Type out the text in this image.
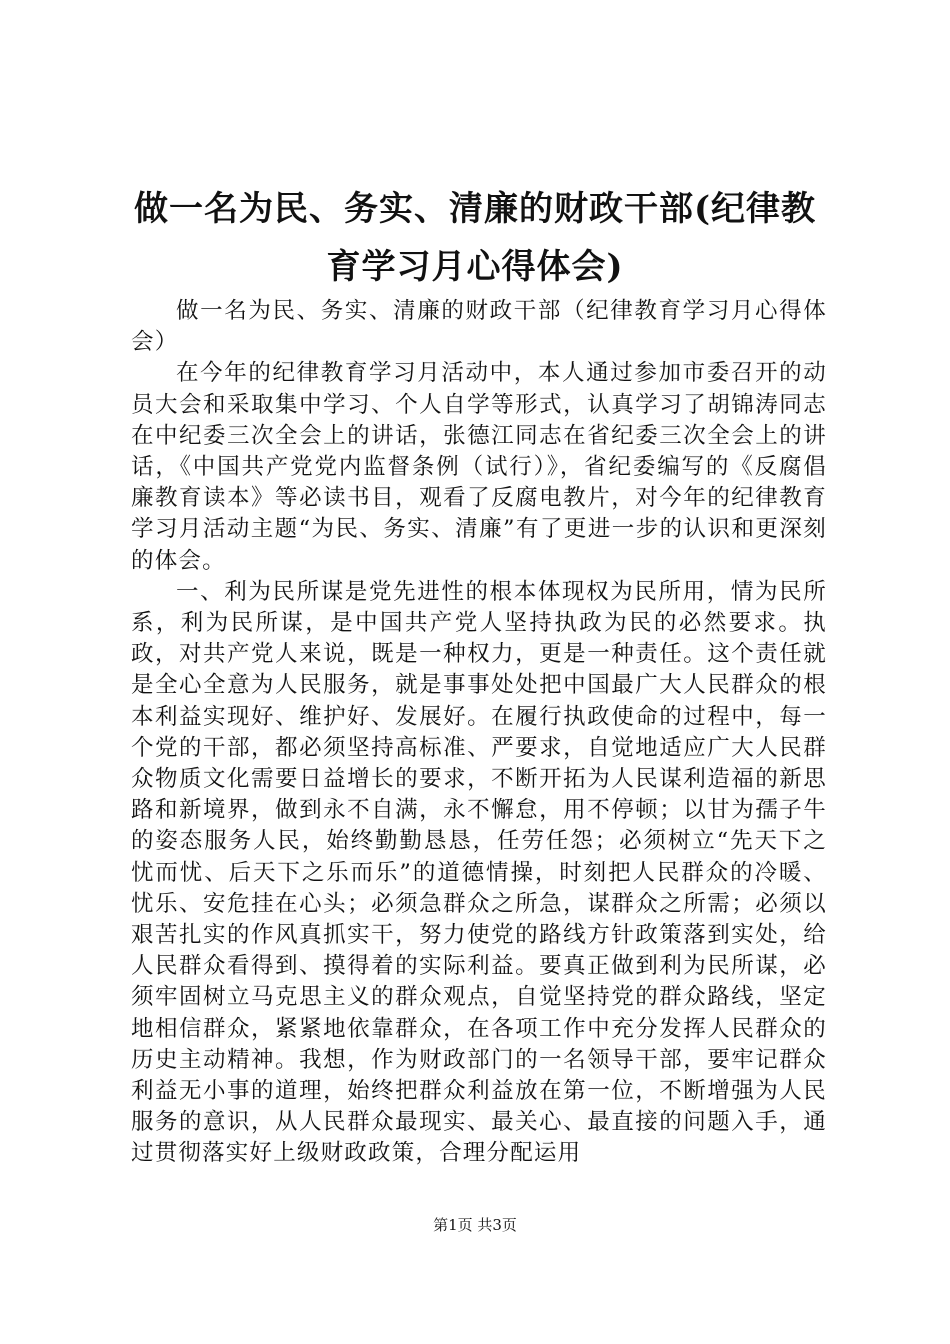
做一名为民、务实、清廉的财政干部(纪律教育学习月心得体会)

做一名为民、务实、清廉的财政干部（纪律教育学习月心得体会）

在今年的纪律教育学习月活动中，本人通过参加市委召开的动员大会和采取集中学习、个人自学等形式，认真学习了胡锦涛同志在中纪委三次全会上的讲话，张德江同志在省纪委三次全会上的讲话，《中国共产党党内监督条例（试行）》，省纪委编写的《反腐倡廉教育读本》等必读书目，观看了反腐电教片，对今年的纪律教育学习月活动主题“为民、务实、清廉”有了更进一步的认识和更深刻的体会。

一、利为民所谋是党先进性的根本体现权为民所用，情为民所系，利为民所谋，是中国共产党人坚持执政为民的必然要求。执政，对共产党人来说，既是一种权力，更是一种责任。这个责任就是全心全意为人民服务，就是事事处处把中国最广大人民群众的根本利益实现好、维护好、发展好。在履行执政使命的过程中，每一个党的干部，都必须坚持高标准、严要求，自觉地适应广大人民群众物质文化需要日益增长的要求，不断开拓为人民谋利造福的新思路和新境界，做到永不自满，永不懈怠，用不停顿；以甘为孺子牛的姿态服务人民，始终勤勤恳恳，任劳任怨；必须树立“先天下之忧而忧、后天下之乐而乐”的道德情操，时刻把人民群众的冷暖、忧乐、安危挂在心头；必须急群众之所急，谋群众之所需；必须以艰苦扎实的作风真抓实干，努力使党的路线方针政策落到实处，给人民群众看得到、摸得着的实际利益。要真正做到利为民所谋，必须牢固树立马克思主义的群众观点，自觉坚持党的群众路线，坚定地相信群众，紧紧地依靠群众，在各项工作中充分发挥人民群众的历史主动精神。我想，作为财政部门的一名领导干部，要牢记群众利益无小事的道理，始终把群众利益放在第一位，不断增强为人民服务的意识，从人民群众最现实、最关心、最直接的问题入手，通过贯彻落实好上级财政政策，合理分配运用

第1页 共3页
